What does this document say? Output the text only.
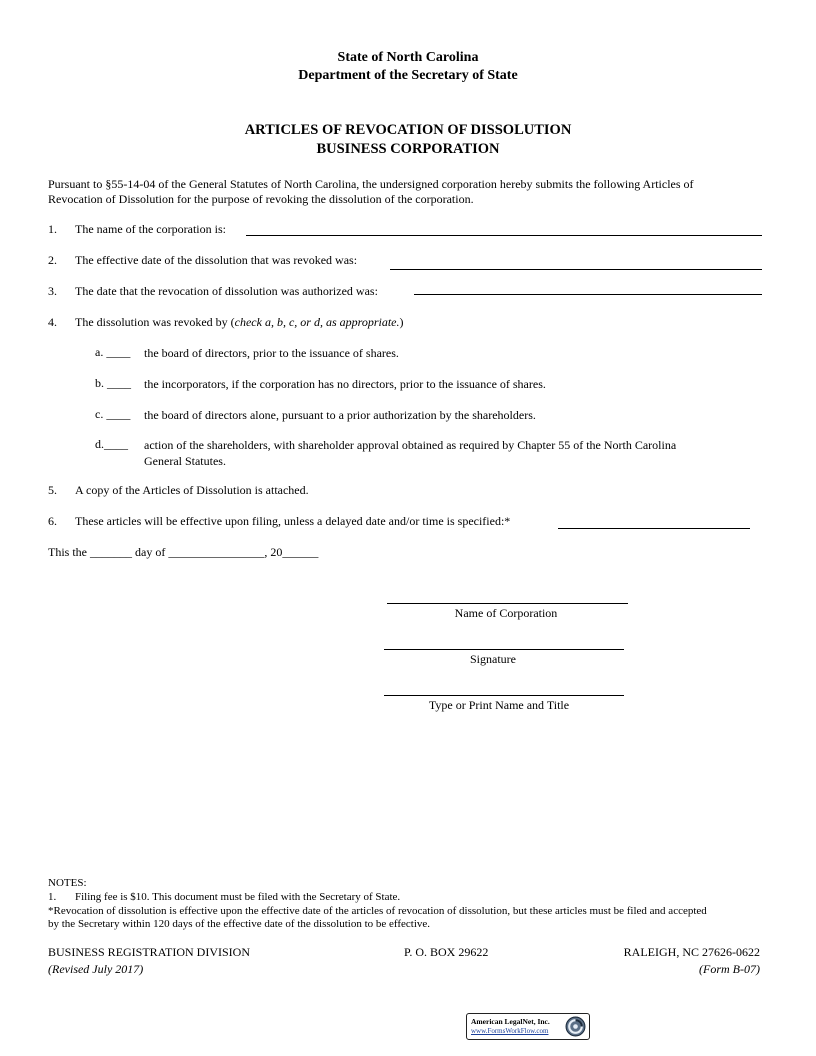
State of North Carolina
Department of the Secretary of State
ARTICLES OF REVOCATION OF DISSOLUTION
BUSINESS CORPORATION
Pursuant to §55-14-04 of the General Statutes of North Carolina, the undersigned corporation hereby submits the following Articles of
Revocation of Dissolution for the purpose of revoking the dissolution of the corporation.
1. The name of the corporation is:
2. The effective date of the dissolution that was revoked was:
3. The date that the revocation of dissolution was authorized was:
4. The dissolution was revoked by (check a, b, c, or d, as appropriate.)
a. ____ the board of directors, prior to the issuance of shares.
b. ____ the incorporators, if the corporation has no directors, prior to the issuance of shares.
c. ____ the board of directors alone, pursuant to a prior authorization by the shareholders.
d.____ action of the shareholders, with shareholder approval obtained as required by Chapter 55 of the North Carolina
General Statutes.
5. A copy of the Articles of Dissolution is attached.
6. These articles will be effective upon filing, unless a delayed date and/or time is specified:*
This the _______ day of ________________, 20______
Name of Corporation
Signature
Type or Print Name and Title
NOTES:
1. Filing fee is $10. This document must be filed with the Secretary of State.
*Revocation of dissolution is effective upon the effective date of the articles of revocation of dissolution, but these articles must be filed and accepted
by the Secretary within 120 days of the effective date of the dissolution to be effective.
BUSINESS REGISTRATION DIVISION	P. O. BOX 29622	RALEIGH, NC 27626-0622
(Revised July 2017)	(Form B-07)
American LegalNet, Inc.
www.FormsWorkFlow.com
